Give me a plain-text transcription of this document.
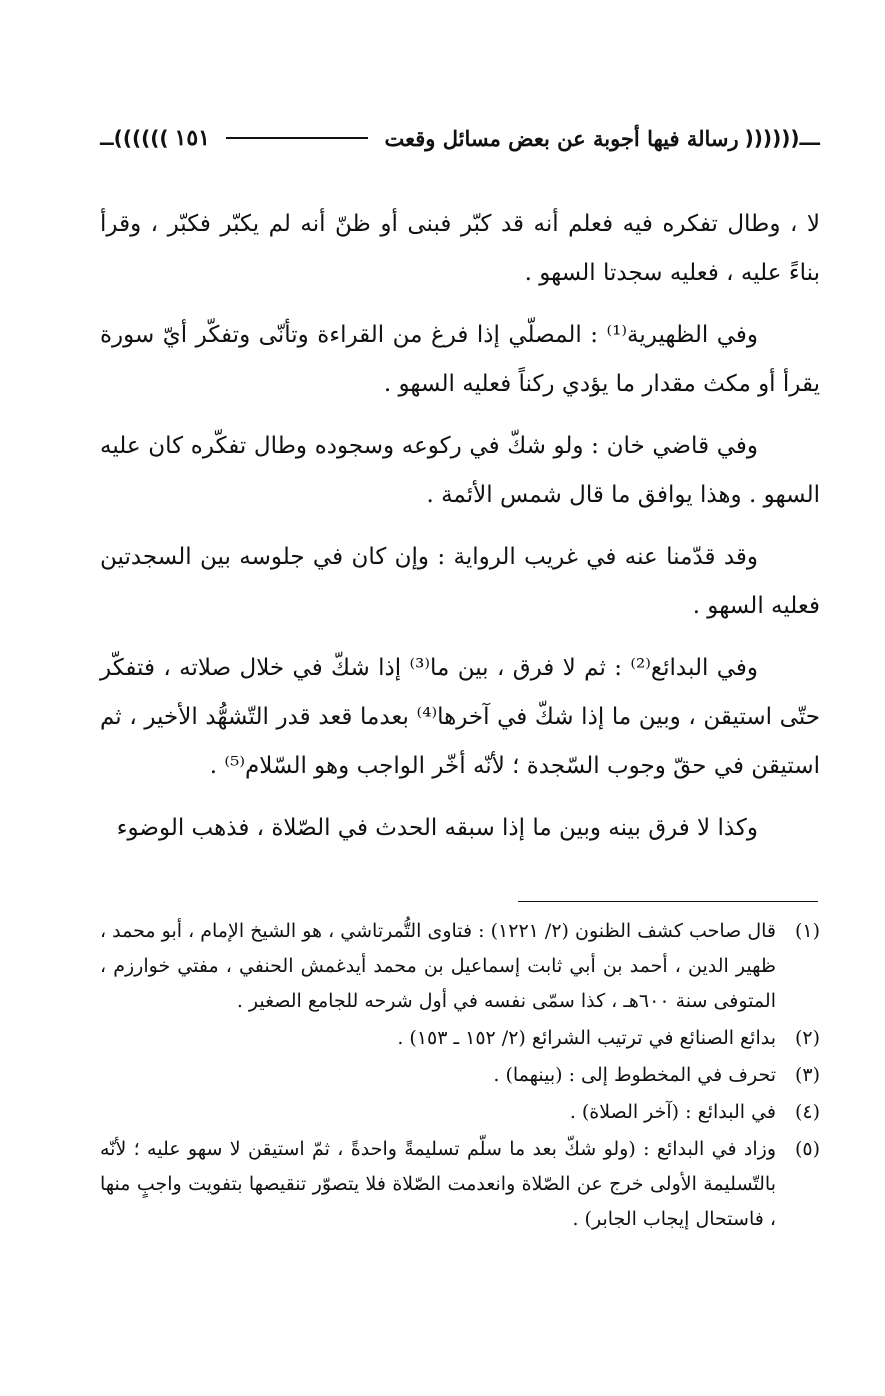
ـــ((((((
رسالة فيها أجوبة عن بعض مسائل وقعت
١٥١
))))))ــ

لا ، وطال تفكره فيه فعلم أنه قد كبّر فبنى أو ظنّ أنه لم يكبّر فكبّر ، وقرأ بناءً عليه ، فعليه سجدتا السهو .

وفي الظهيرية⁽¹⁾ : المصلّي إذا فرغ من القراءة وتأنّى وتفكّر أيّ سورة يقرأ أو مكث مقدار ما يؤدي ركناً فعليه السهو .

وفي قاضي خان : ولو شكّ في ركوعه وسجوده وطال تفكّره كان عليه السهو . وهذا يوافق ما قال شمس الأئمة .

وقد قدّمنا عنه في غريب الرواية : وإن كان في جلوسه بين السجدتين فعليه السهو .

وفي البدائع⁽²⁾ : ثم لا فرق ، بين ما⁽³⁾ إذا شكّ في خلال صلاته ، فتفكّر حتّى استيقن ، وبين ما إذا شكّ في آخرها⁽⁴⁾ بعدما قعد قدر التّشهُّد الأخير ، ثم استيقن في حقّ وجوب السّجدة ؛ لأنّه أخّر الواجب وهو السّلام⁽⁵⁾ .

وكذا لا فرق بينه وبين ما إذا سبقه الحدث في الصّلاة ، فذهب الوضوء

(١)
قال صاحب كشف الظنون (٢/ ١٢٢١) : فتاوى التُّمرتاشي ، هو الشيخ الإمام ، أبو محمد ، ظهير الدين ، أحمد بن أبي ثابت إسماعيل بن محمد أيدغمش الحنفي ، مفتي خوارزم ، المتوفى سنة ٦٠٠هـ ، كذا سمّى نفسه في أول شرحه للجامع الصغير .
(٢)
بدائع الصنائع في ترتيب الشرائع (٢/ ١٥٢ ـ ١٥٣) .
(٣)
تحرف في المخطوط إلى : (بينهما) .
(٤)
في البدائع : (آخر الصلاة) .
(٥)
وزاد في البدائع : (ولو شكّ بعد ما سلّم تسليمةً واحدةً ، ثمّ استيقن لا سهو عليه ؛ لأنّه بالتّسليمة الأولى خرج عن الصّلاة وانعدمت الصّلاة فلا يتصوّر تنقيصها بتفويت واجبٍ منها ، فاستحال إيجاب الجابر) .
